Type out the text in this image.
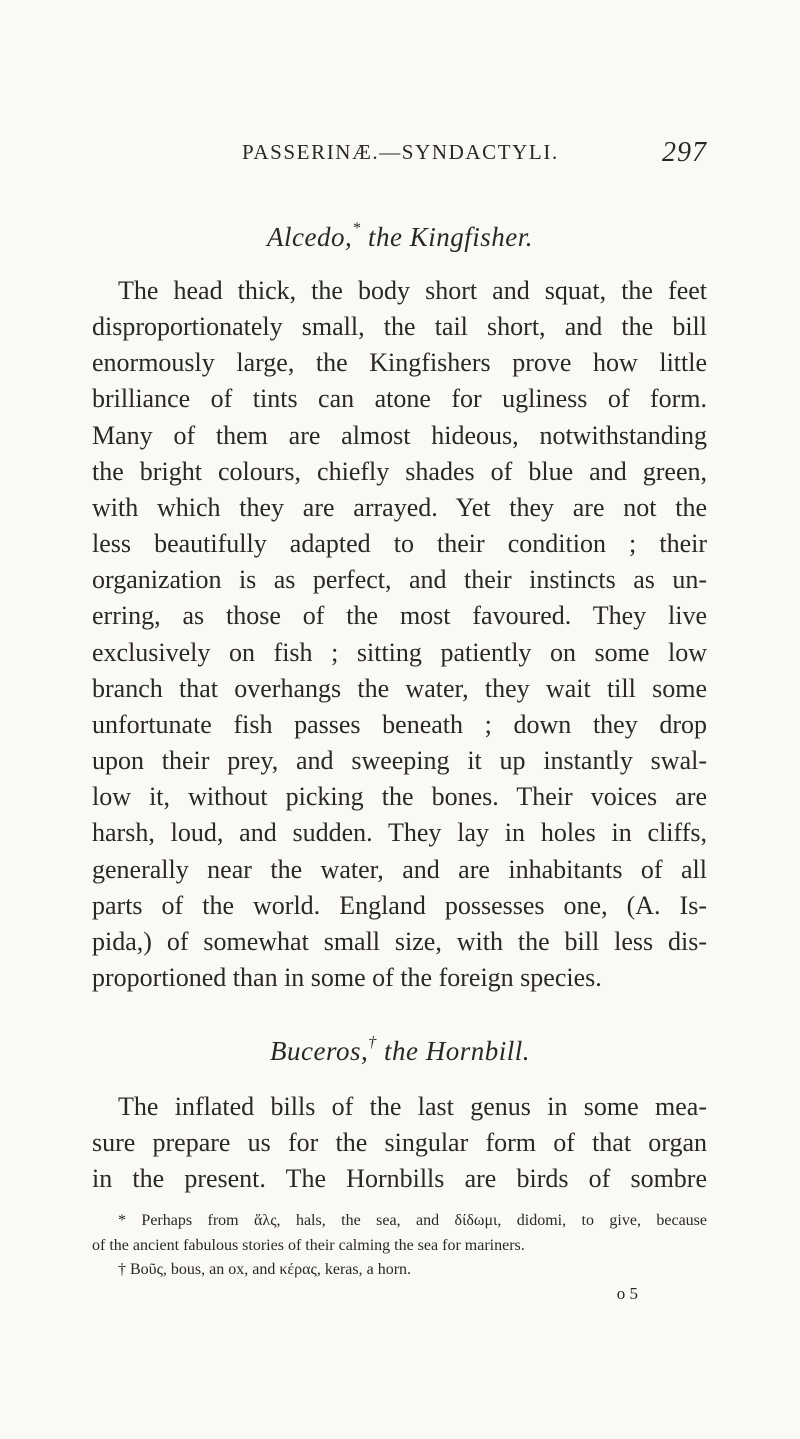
PASSERINÆ.—SYNDACTYLI.	297
Alcedo,* the Kingfisher.
The head thick, the body short and squat, the feet
disproportionately small, the tail short, and the bill
enormously large, the Kingfishers prove how little
brilliance of tints can atone for ugliness of form.
Many of them are almost hideous, notwithstanding
the bright colours, chiefly shades of blue and green,
with which they are arrayed. Yet they are not the
less beautifully adapted to their condition ; their
organization is as perfect, and their instincts as un-
erring, as those of the most favoured. They live
exclusively on fish ; sitting patiently on some low
branch that overhangs the water, they wait till some
unfortunate fish passes beneath ; down they drop
upon their prey, and sweeping it up instantly swal-
low it, without picking the bones. Their voices are
harsh, loud, and sudden. They lay in holes in cliffs,
generally near the water, and are inhabitants of all
parts of the world. England possesses one, (A. Is-
pida,) of somewhat small size, with the bill less dis-
proportioned than in some of the foreign species.
Buceros,† the Hornbill.
The inflated bills of the last genus in some mea-
sure prepare us for the singular form of that organ
in the present. The Hornbills are birds of sombre
* Perhaps from ἅλς, hals, the sea, and δίδωμι, didomi, to give, because
of the ancient fabulous stories of their calming the sea for mariners.
† Βοῦς, bous, an ox, and κέρας, keras, a horn.
o 5
